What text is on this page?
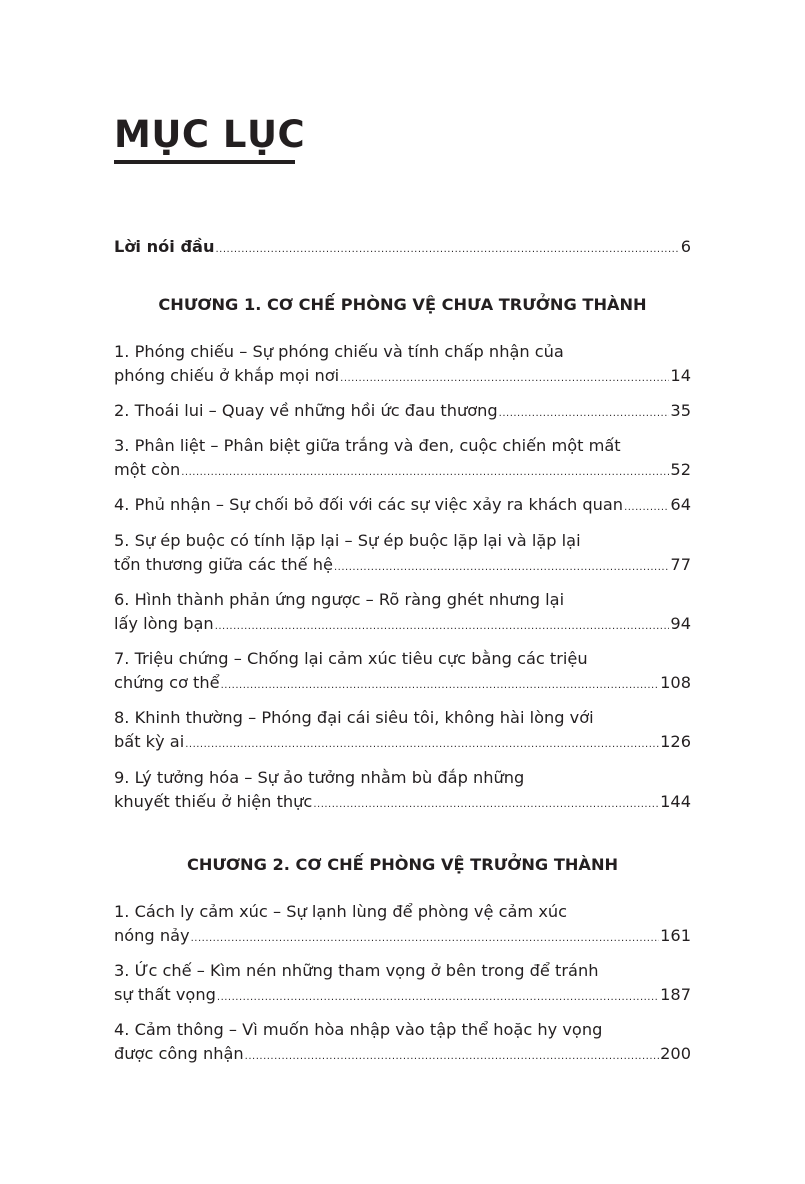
MỤC LỤC
Lời nói đầu .....	6
CHƯƠNG 1. CƠ CHẾ PHÒNG VỆ CHƯA TRƯỞNG THÀNH
1. Phóng chiếu – Sự phóng chiếu và tính chấp nhận của
phóng chiếu ở khắp mọi nơi .....	14
2. Thoái lui – Quay về những hồi ức đau thương .....	35
3. Phân liệt – Phân biệt giữa trắng và đen, cuộc chiến một mất
một còn .....	52
4. Phủ nhận – Sự chối bỏ đối với các sự việc xảy ra khách quan .....	64
5. Sự ép buộc có tính lặp lại – Sự ép buộc lặp lại và lặp lại
tổn thương giữa các thế hệ .....	77
6. Hình thành phản ứng ngược – Rõ ràng ghét nhưng lại
lấy lòng bạn .....	94
7. Triệu chứng – Chống lại cảm xúc tiêu cực bằng các triệu
chứng cơ thể .....	108
8. Khinh thường – Phóng đại cái siêu tôi, không hài lòng với
bất kỳ ai .....	126
9. Lý tưởng hóa – Sự ảo tưởng nhằm bù đắp những
khuyết thiếu ở hiện thực .....	144
CHƯƠNG 2. CƠ CHẾ PHÒNG VỆ TRƯỞNG THÀNH
1. Cách ly cảm xúc – Sự lạnh lùng để phòng vệ cảm xúc
nóng nảy .....	161
3. Ức chế – Kìm nén những tham vọng ở bên trong để tránh
sự thất vọng .....	187
4. Cảm thông – Vì muốn hòa nhập vào tập thể hoặc hy vọng
được công nhận .....	200
